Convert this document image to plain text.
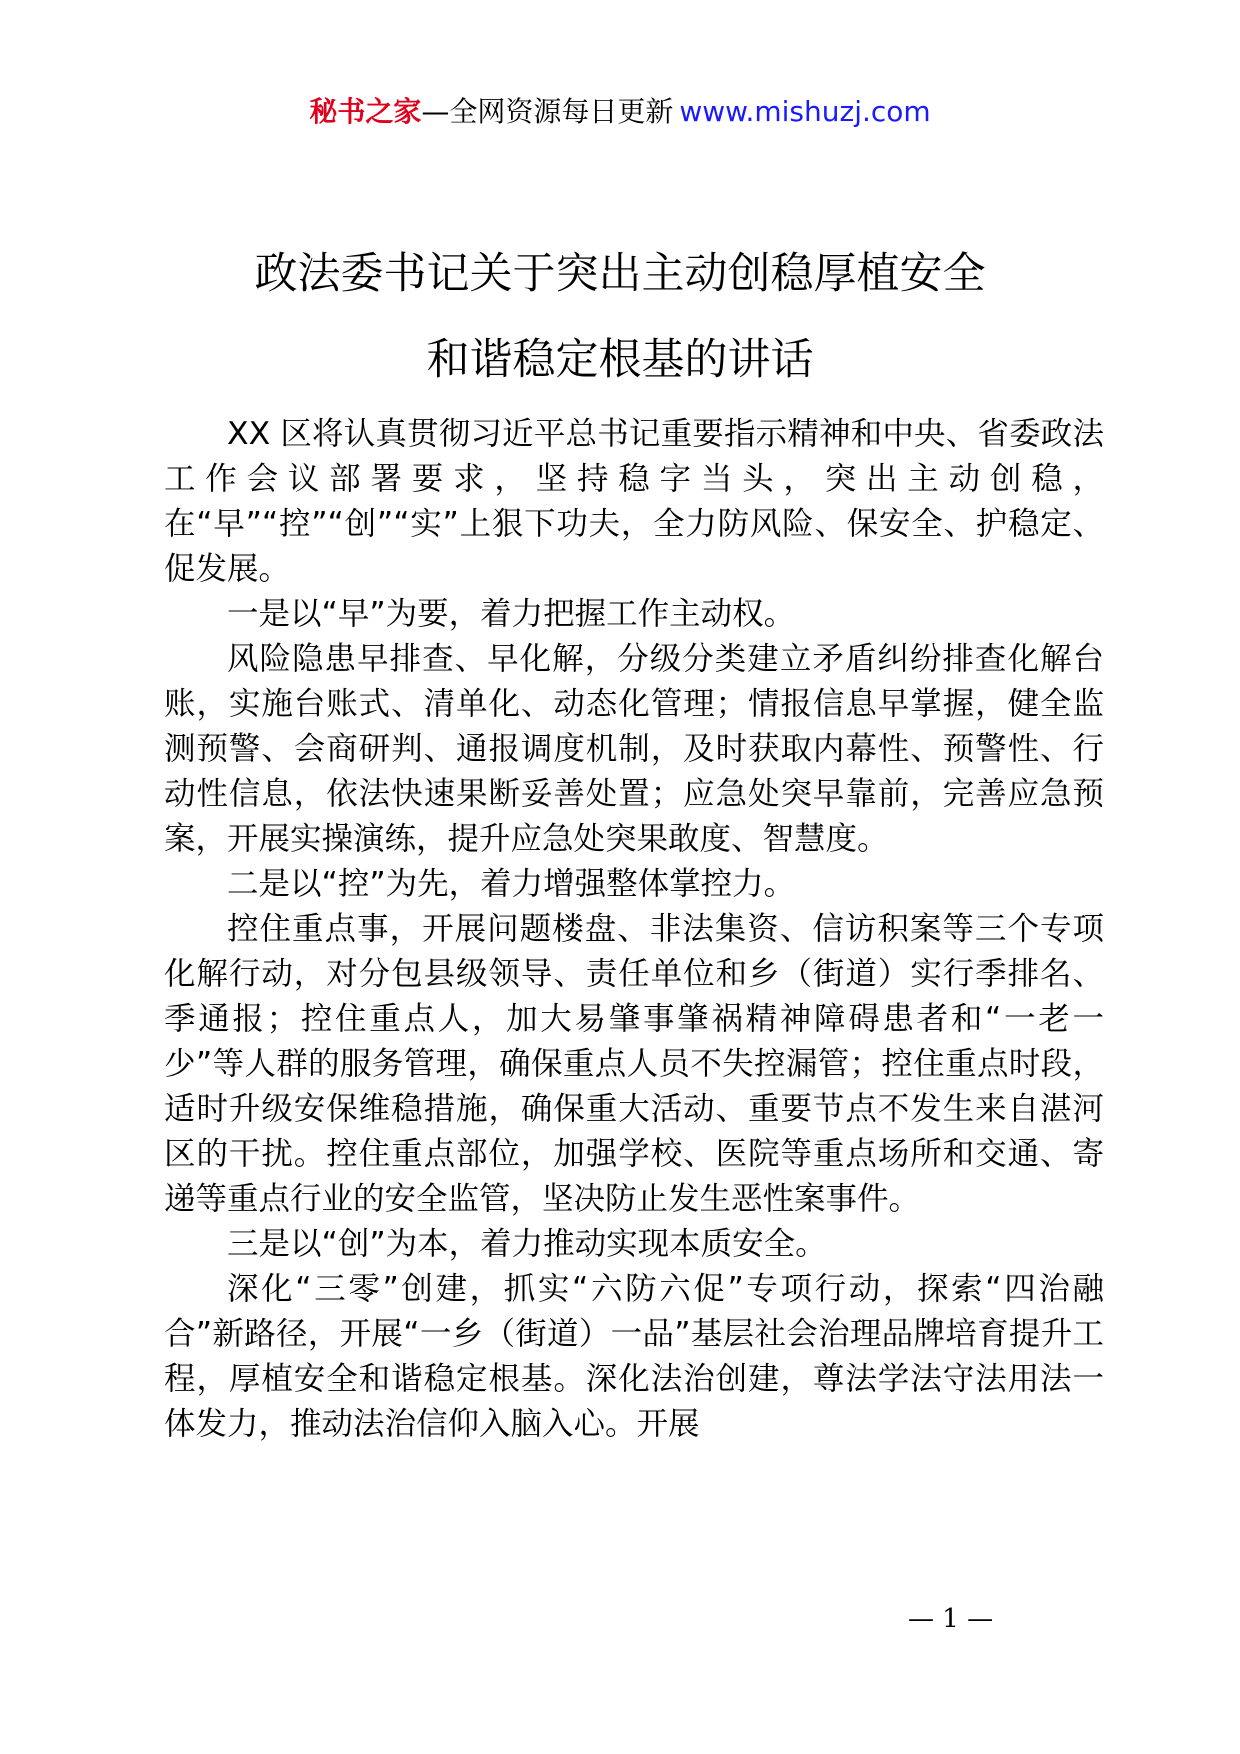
秘书之家—全网资源每日更新 www.mishuzj.com
政法委书记关于突出主动创稳厚植安全
和谐稳定根基的讲话

XX 区将认真贯彻习近平总书记重要指示精神和中央、省委政法工作会议部署要求，坚持稳字当头，突出主动创稳，在“早”“控”“创”“实”上狠下功夫，全力防风险、保安全、护稳定、促发展。

一是以“早”为要，着力把握工作主动权。

风险隐患早排查、早化解，分级分类建立矛盾纠纷排查化解台账，实施台账式、清单化、动态化管理；情报信息早掌握，健全监测预警、会商研判、通报调度机制，及时获取内幕性、预警性、行动性信息，依法快速果断妥善处置；应急处突早靠前，完善应急预案，开展实操演练，提升应急处突果敢度、智慧度。

二是以“控”为先，着力增强整体掌控力。

控住重点事，开展问题楼盘、非法集资、信访积案等三个专项化解行动，对分包县级领导、责任单位和乡（街道）实行季排名、季通报；控住重点人，加大易肇事肇祸精神障碍患者和“一老一少”等人群的服务管理，确保重点人员不失控漏管；控住重点时段，适时升级安保维稳措施，确保重大活动、重要节点不发生来自湛河区的干扰。控住重点部位，加强学校、医院等重点场所和交通、寄递等重点行业的安全监管，坚决防止发生恶性案事件。

三是以“创”为本，着力推动实现本质安全。

深化“三零”创建，抓实“六防六促”专项行动，探索“四治融合”新路径，开展“一乡（街道）一品”基层社会治理品牌培育提升工程，厚植安全和谐稳定根基。深化法治创建，尊法学法守法用法一体发力，推动法治信仰入脑入心。开展

— 1 —
